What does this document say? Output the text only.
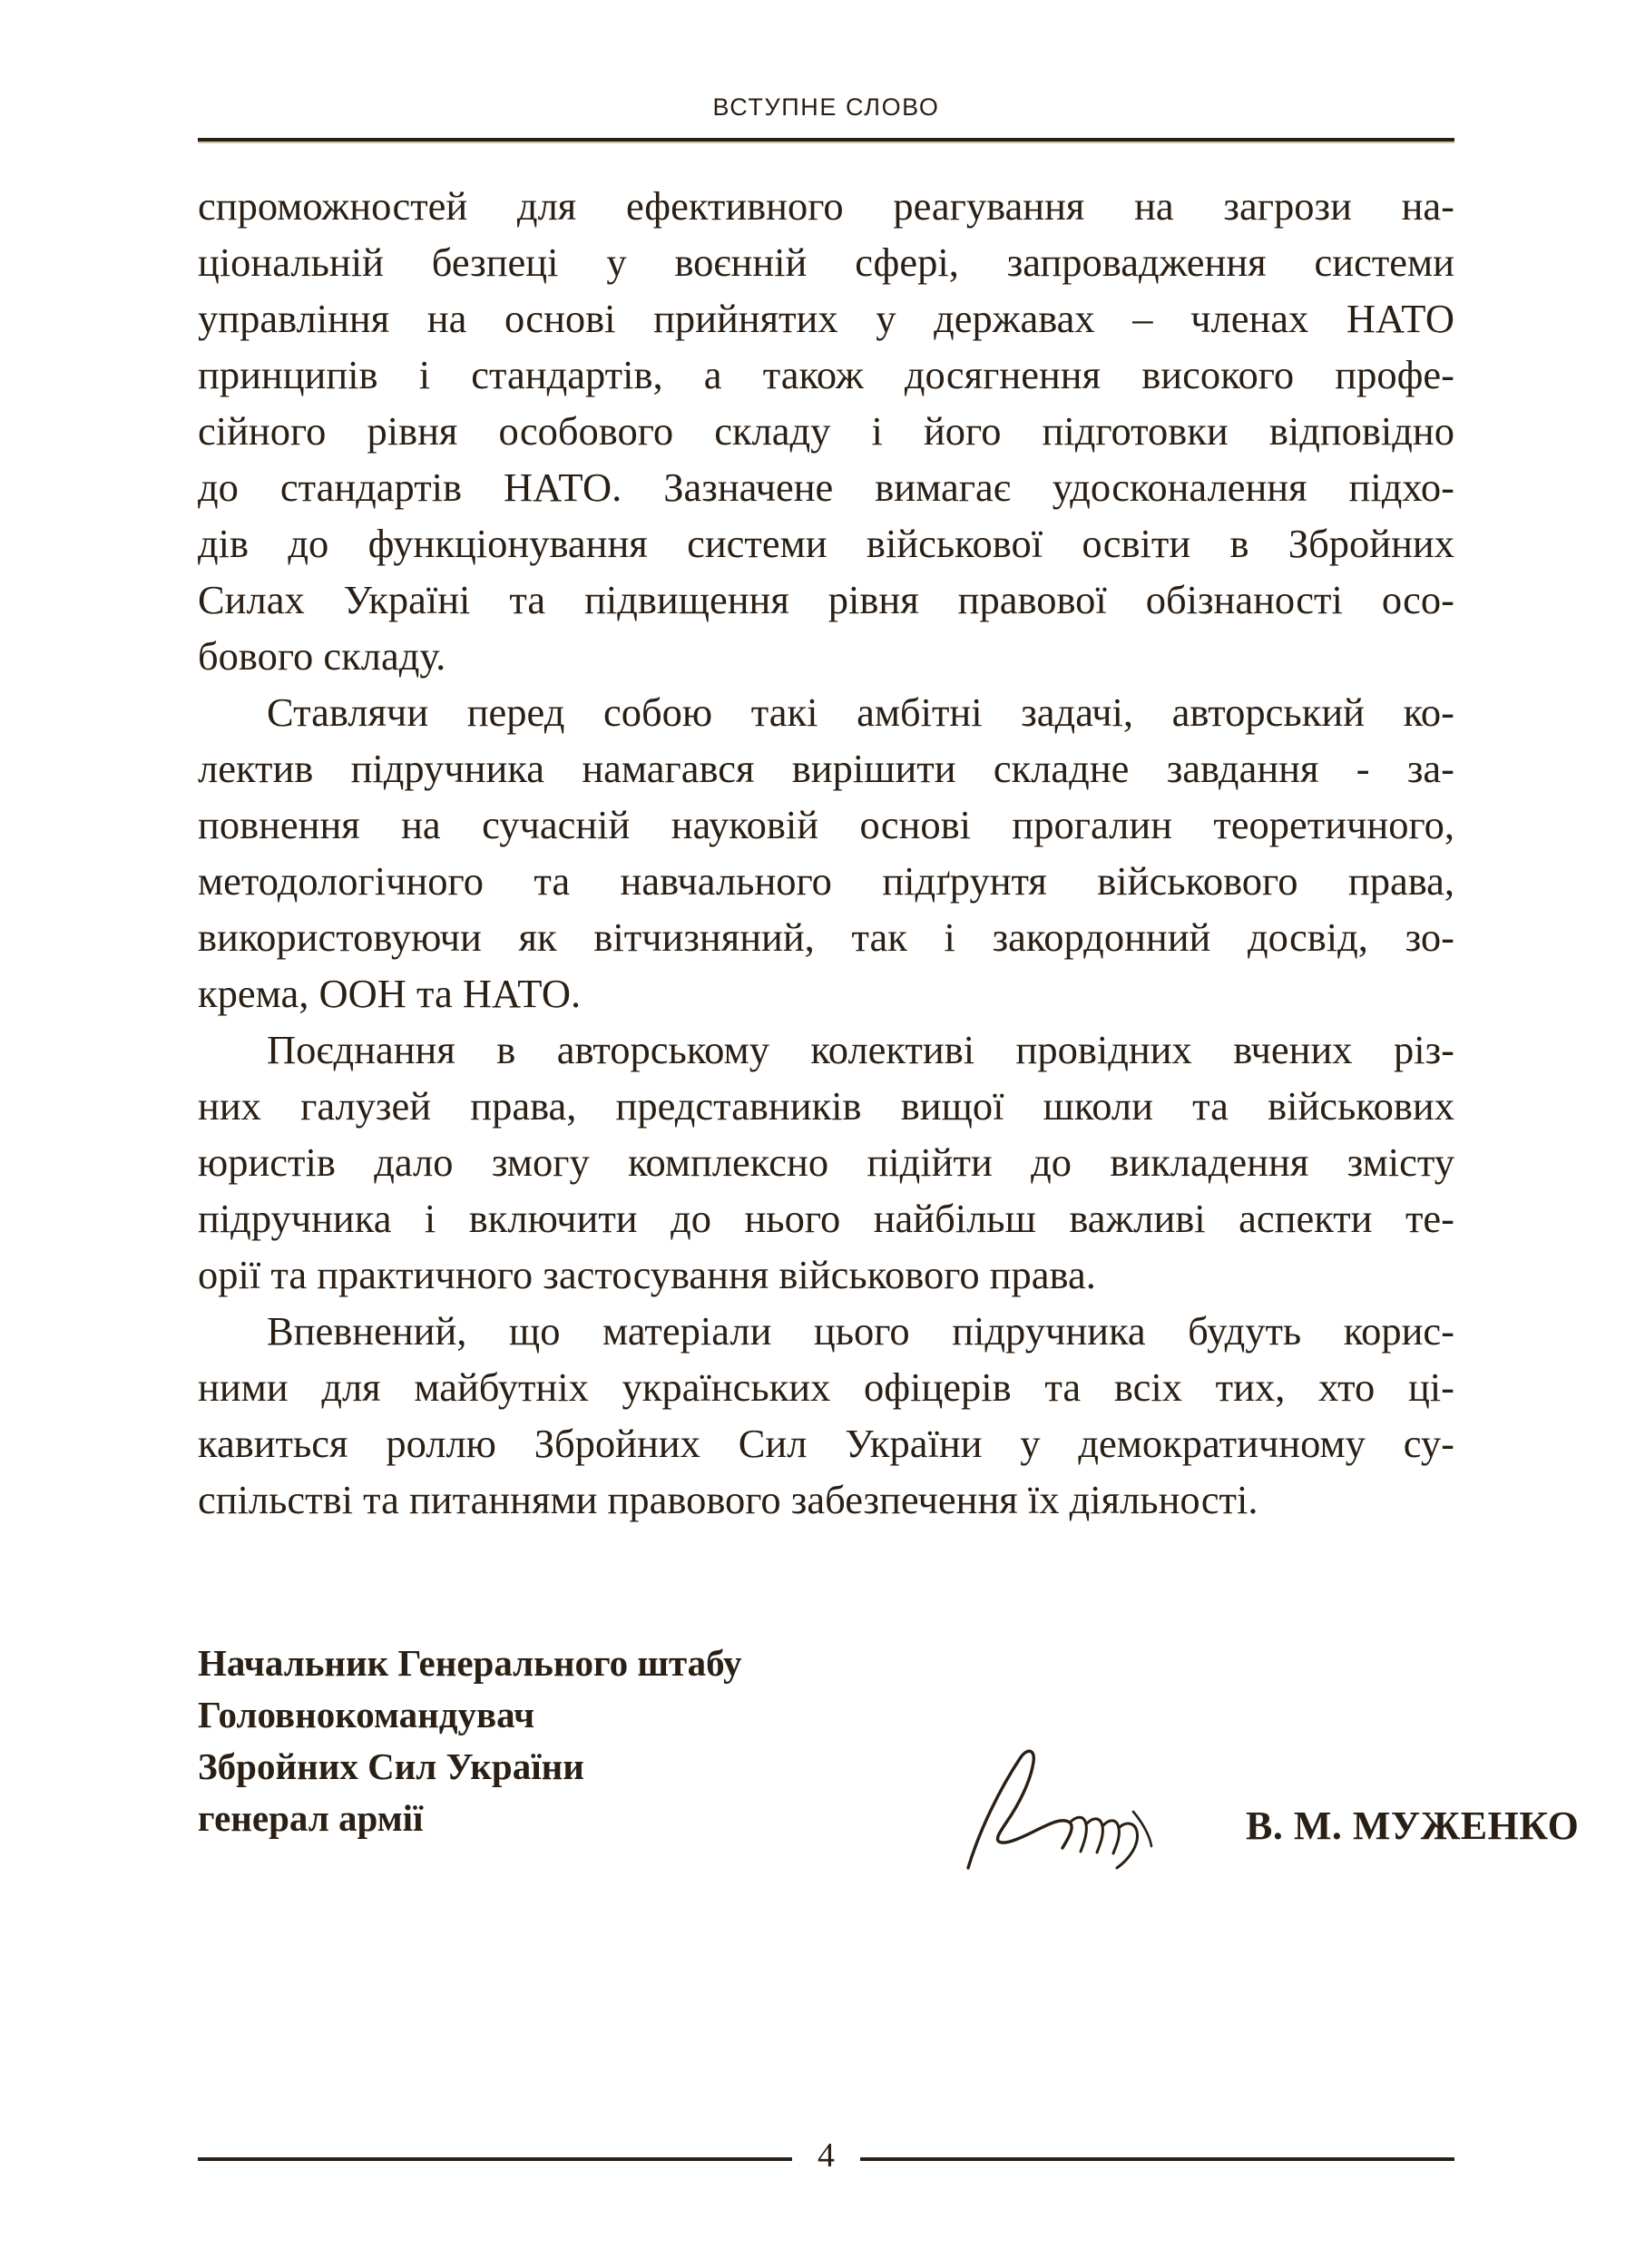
ВСТУПНЕ СЛОВО

спроможностей для ефективного реагування на загрози на-
ціональній безпеці у воєнній сфері, запровадження системи
управління на основі прийнятих у державах – членах НАТО
принципів і стандартів, а також досягнення високого профе-
сійного рівня особового складу і його підготовки відповідно
до стандартів НАТО. Зазначене вимагає удосконалення підхо-
дів до функціонування системи військової освіти в Збройних
Силах Україні та підвищення рівня правової обізнаності осо-
бового складу.

Ставлячи перед собою такі амбітні задачі, авторський ко-
лектив підручника намагався вирішити складне завдання - за-
повнення на сучасній науковій основі прогалин теоретичного,
методологічного та навчального підґрунтя військового права,
використовуючи як вітчизняний, так і закордонний досвід, зо-
крема, ООН та НАТО.

Поєднання в авторському колективі провідних вчених різ-
них галузей права, представників вищої школи та військових
юристів дало змогу комплексно підійти до викладення змісту
підручника і включити до нього найбільш важливі аспекти те-
орії та практичного застосування військового права.

Впевнений, що матеріали цього підручника будуть корис-
ними для майбутніх українських офіцерів та всіх тих, хто ці-
кавиться роллю Збройних Сил України у демократичному су-
спільстві та питаннями правового забезпечення їх діяльності.

Начальник Генерального штабу
Головнокомандувач
Збройних Сил України
генерал армії	В. М. МУЖЕНКО
4
